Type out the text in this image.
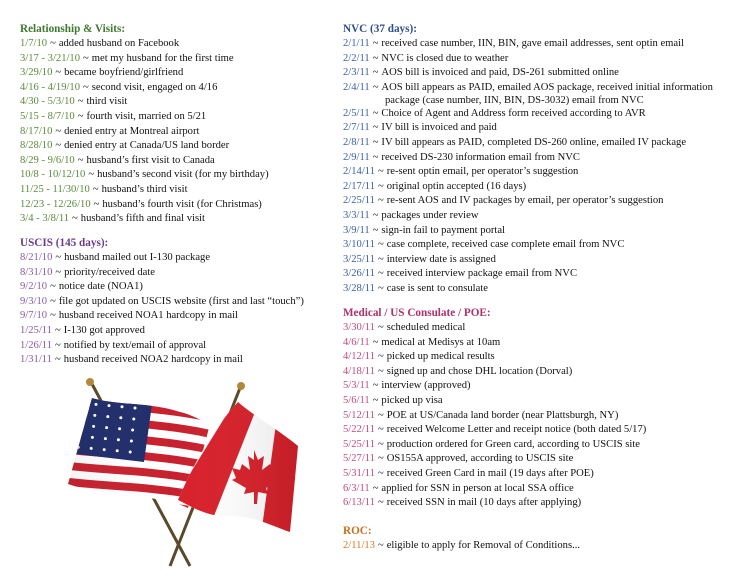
Relationship & Visits:
1/7/10 ~ added husband on Facebook
3/17 - 3/21/10 ~ met my husband for the first time
3/29/10 ~ became boyfriend/girlfriend
4/16 - 4/19/10 ~ second visit, engaged on 4/16
4/30 - 5/3/10 ~ third visit
5/15 - 8/7/10 ~ fourth visit, married on 5/21
8/17/10 ~ denied entry at Montreal airport
8/28/10 ~ denied entry at Canada/US land border
8/29 - 9/6/10 ~ husband’s first visit to Canada
10/8 - 10/12/10 ~ husband’s second visit (for my birthday)
11/25 - 11/30/10 ~ husband’s third visit
12/23 - 12/26/10 ~ husband’s fourth visit (for Christmas)
3/4 - 3/8/11 ~ husband’s fifth and final visit
USCIS (145 days):
8/21/10 ~ husband mailed out I-130 package
8/31/10 ~ priority/received date
9/2/10 ~ notice date (NOA1)
9/3/10 ~ file got updated on USCIS website (first and last “touch”)
9/7/10 ~ husband received NOA1 hardcopy in mail
1/25/11 ~ I-130 got approved
1/26/11 ~ notified by text/email of approval
1/31/11 ~ husband received NOA2 hardcopy in mail
NVC (37 days):
2/1/11 ~ received case number, IIN, BIN, gave email addresses, sent optin email
2/2/11 ~ NVC is closed due to weather
2/3/11 ~ AOS bill is invoiced and paid, DS-261 submitted online
2/4/11 ~ AOS bill appears as PAID, emailed AOS package, received initial information package (case number, IIN, BIN, DS-3032) email from NVC
2/5/11 ~ Choice of Agent and Address form received according to AVR
2/7/11 ~ IV bill is invoiced and paid
2/8/11 ~ IV bill appears as PAID, completed DS-260 online, emailed IV package
2/9/11 ~ received DS-230 information email from NVC
2/14/11 ~ re-sent optin email, per operator’s suggestion
2/17/11 ~ original optin accepted (16 days)
2/25/11 ~ re-sent AOS and IV packages by email, per operator’s suggestion
3/3/11 ~ packages under review
3/9/11 ~ sign-in fail to payment portal
3/10/11 ~ case complete, received case complete email from NVC
3/25/11 ~ interview date is assigned
3/26/11 ~ received interview package email from NVC
3/28/11 ~ case is sent to consulate
Medical / US Consulate / POE:
3/30/11 ~ scheduled medical
4/6/11 ~ medical at Medisys at 10am
4/12/11 ~ picked up medical results
4/18/11 ~ signed up and chose DHL location (Dorval)
5/3/11 ~ interview (approved)
5/6/11 ~ picked up visa
5/12/11 ~ POE at US/Canada land border (near Plattsburgh, NY)
5/22/11 ~ received Welcome Letter and receipt notice (both dated 5/17)
5/25/11 ~ production ordered for Green card, according to USCIS site
5/27/11 ~ OS155A approved, according to USCIS site
5/31/11 ~ received Green Card in mail (19 days after POE)
6/3/11 ~ applied for SSN in person at local SSA office
6/13/11 ~ received SSN in mail (10 days after applying)
ROC:
2/11/13 ~ eligible to apply for Removal of Conditions...
